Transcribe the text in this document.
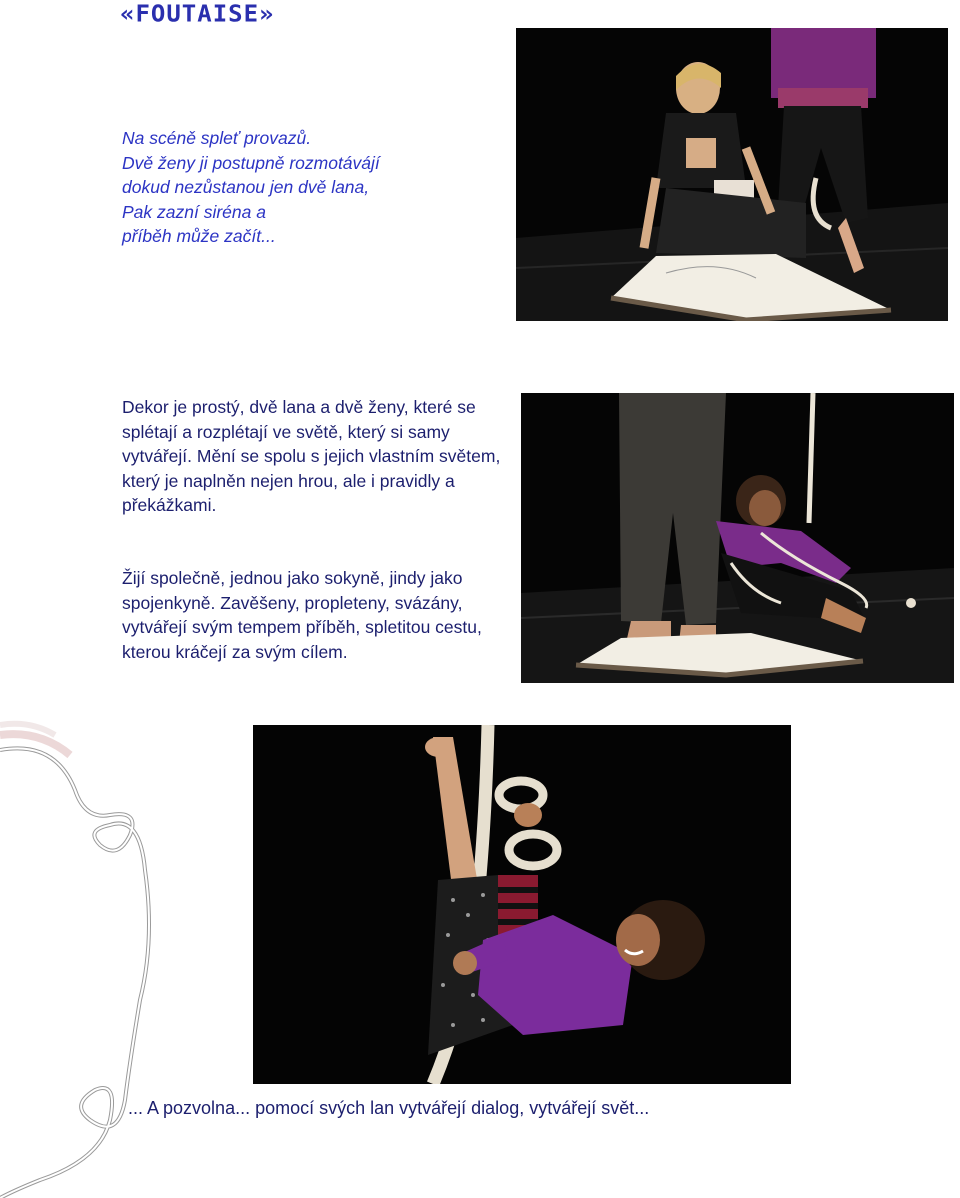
«FOUTAISE»
Na scéně spleť provazů.
Dvě ženy ji postupně rozmotávájí
dokud nezůstanou jen dvě lana,
Pak zazní siréna a
příběh může začít...
Dekor je prostý, dvě lana a dvě ženy, které se splétají a rozplétají ve světě, který si samy vytvářejí. Mění se spolu s jejich vlastním světem, který je naplněn nejen hrou, ale i pravidly a překážkami.
Žijí společně, jednou jako sokyně, jindy jako spojenkyně. Zavěšeny, propleteny, svázány, vytvářejí svým tempem příběh, spletitou cestu, kterou kráčejí za svým cílem.
... A pozvolna... pomocí svých lan vytvářejí dialog, vytvářejí svět...
